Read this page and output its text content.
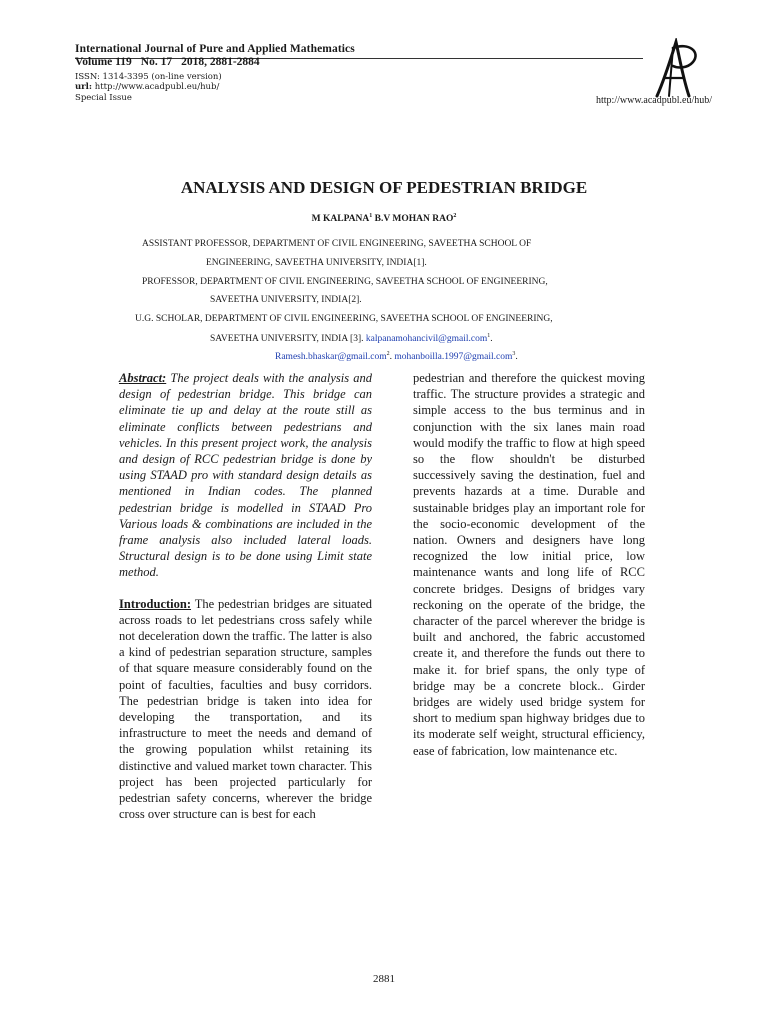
International Journal of Pure and Applied Mathematics
Volume 119 No. 17 2018, 2881-2884
ISSN: 1314-3395 (on-line version)
url: http://www.acadpubl.eu/hub/
Special Issue	http://www.acadpubl.eu/hub/
ANALYSIS AND DESIGN OF PEDESTRIAN BRIDGE
M KALPANA$^1$ B.V MOHAN RAO$^2$
ASSISTANT PROFESSOR, DEPARTMENT OF CIVIL ENGINEERING, SAVEETHA SCHOOL OF
ENGINEERING, SAVEETHA UNIVERSITY, INDIA[1].
PROFESSOR, DEPARTMENT OF CIVIL ENGINEERING, SAVEETHA SCHOOL OF ENGINEERING,
SAVEETHA UNIVERSITY, INDIA[2].
U.G. SCHOLAR, DEPARTMENT OF CIVIL ENGINEERING, SAVEETHA SCHOOL OF ENGINEERING,
SAVEETHA UNIVERSITY, INDIA [3]. kalpanamohancivil@gmail.com$^1$.
Ramesh.bhaskar@gmail.com$^2$. mohanboilla.1997@gmail.com$^3$.

Abstract: The project deals with the analysis and design of pedestrian bridge. This bridge can eliminate tie up and delay at the route still as eliminate conflicts between pedestrians and vehicles. In this present project work, the analysis and design of RCC pedestrian bridge is done by using STAAD pro with standard design details as mentioned in Indian codes. The planned pedestrian bridge is modelled in STAAD Pro Various loads & combinations are included in the frame analysis also included lateral loads. Structural design is to be done using Limit state method.

Introduction: The pedestrian bridges are situated across roads to let pedestrians cross safely while not deceleration down the traffic. The latter is also a kind of pedestrian separation structure, samples of that square measure considerably found on the point of faculties, faculties and busy corridors. The pedestrian bridge is taken into idea for developing the transportation, and its infrastructure to meet the needs and demand of the growing population whilst retaining its distinctive and valued market town character. This project has been projected particularly for pedestrian safety concerns, wherever the bridge cross over structure can is best for each

pedestrian and therefore the quickest moving traffic. The structure provides a strategic and simple access to the bus terminus and in conjunction with the six lanes main road would modify the traffic to flow at high speed so the flow shouldn't be disturbed successively saving the destination, fuel and prevents hazards at a time. Durable and sustainable bridges play an important role for the socio-economic development of the nation. Owners and designers have long recognized the low initial price, low maintenance wants and long life of RCC concrete bridges. Designs of bridges vary reckoning on the operate of the bridge, the character of the parcel wherever the bridge is built and anchored, the fabric accustomed create it, and therefore the funds out there to make it. for brief spans, the only type of bridge may be a concrete block.. Girder bridges are widely used bridge system for short to medium span highway bridges due to its moderate self weight, structural efficiency, ease of fabrication, low maintenance etc.

2881
